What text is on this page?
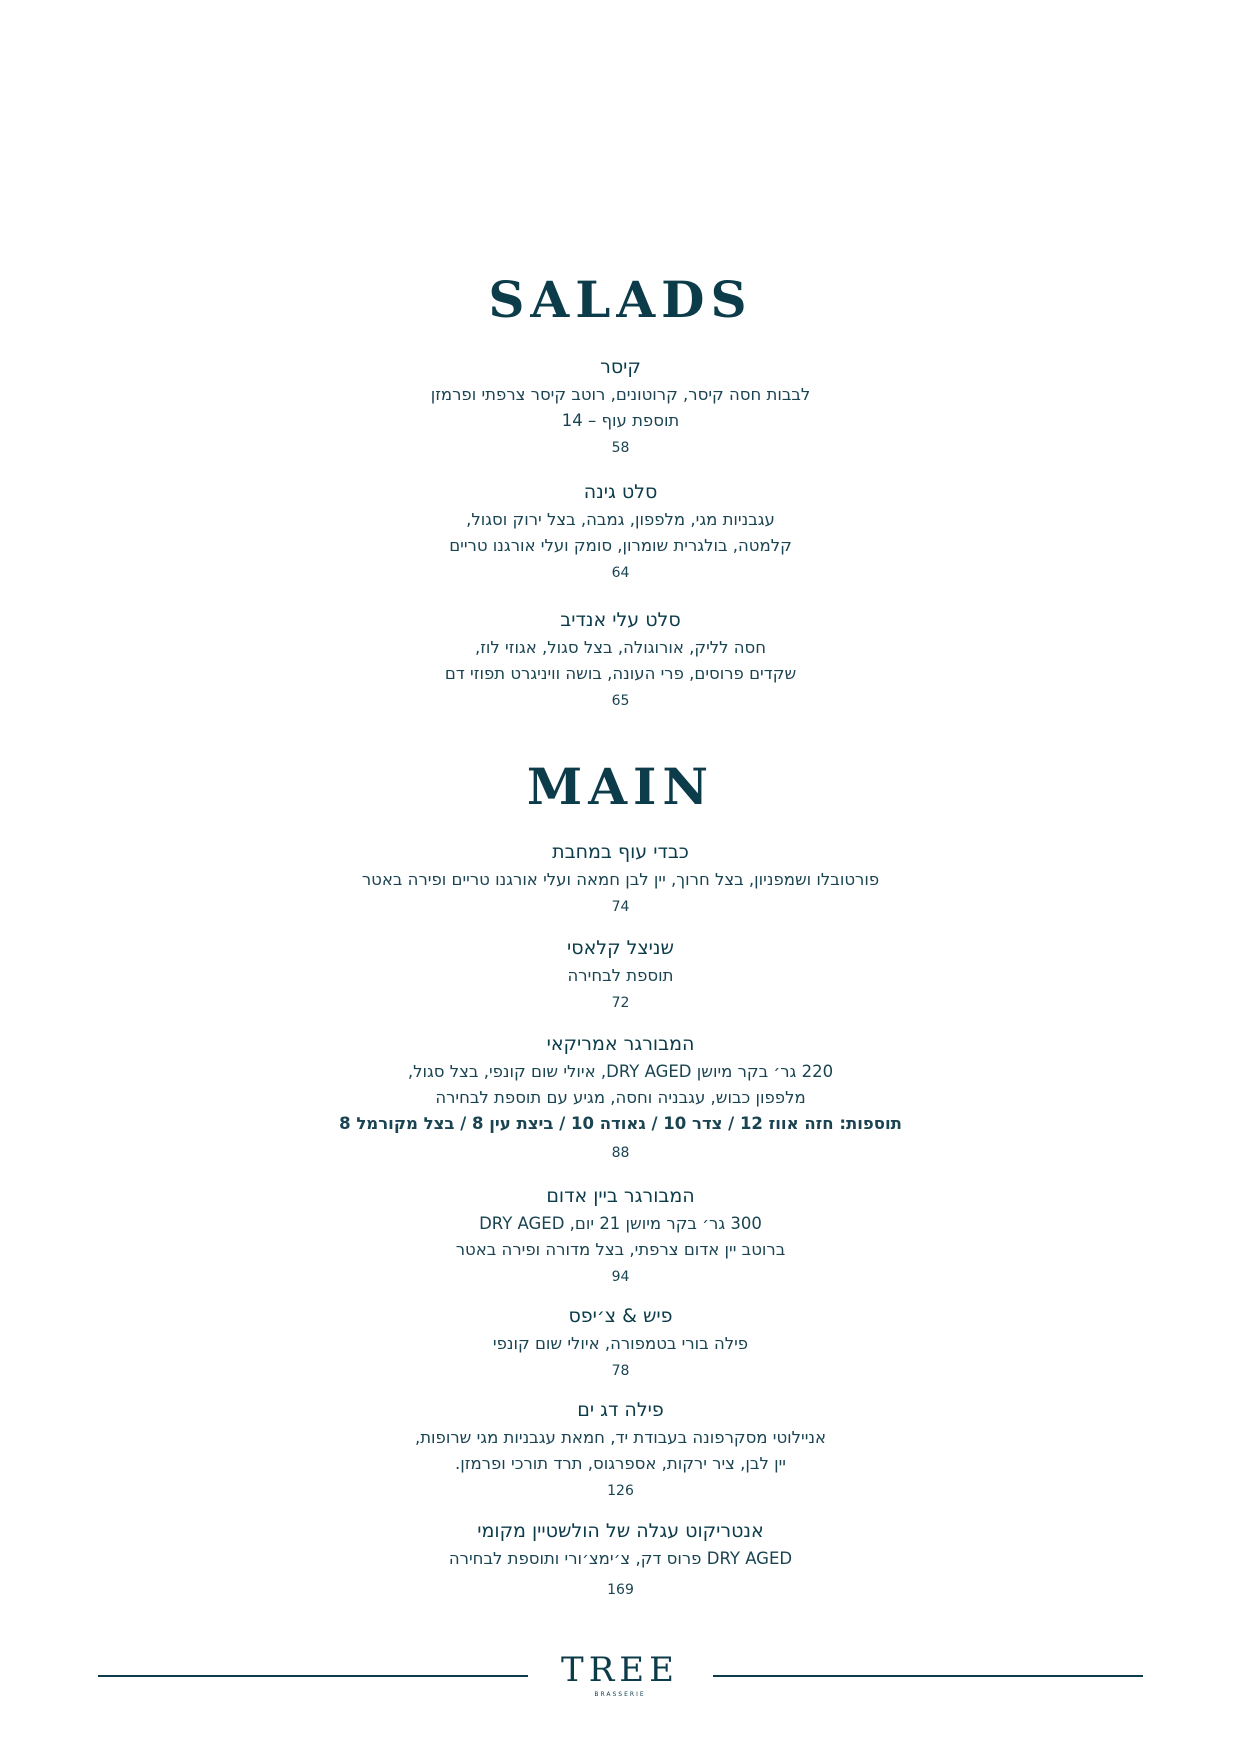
SALADS
קיסר
לבבות חסה קיסר, קרוטונים, רוטב קיסר צרפתי ופרמזן
תוספת עוף – 14
58
סלט גינה
עגבניות מגי, מלפפון, גמבה, בצל ירוק וסגול,
קלמטה, בולגרית שומרון, סומק ועלי אורגנו טריים
64
סלט עלי אנדיב
חסה לליק, אורוגולה, בצל סגול, אגוזי לוז,
שקדים פרוסים, פרי העונה, בושה וויניגרט תפוזי דם
65
MAIN
כבדי עוף במחבת
פורטובלו ושמפניון, בצל חרוך, יין לבן חמאה ועלי אורגנו טריים ופירה באטר
74
שניצל קלאסי
תוספת לבחירה
72
המבורגר אמריקאי
220 גר׳ בקר מיושן DRY AGED, איולי שום קונפי, בצל סגול,
מלפפון כבוש, עגבניה וחסה, מגיע עם תוספת לבחירה
תוספות: חזה אווז 12 / צדר 10 / גאודה 10 / ביצת עין 8 / בצל מקורמל 8
88
המבורגר ביין אדום
300 גר׳ בקר מיושן 21 יום, DRY AGED
ברוטב יין אדום צרפתי, בצל מדורה ופירה באטר
94
פיש & צ׳יפס
פילה בורי בטמפורה, איולי שום קונפי
78
פילה דג ים
אניילוטי מסקרפונה בעבודת יד, חמאת עגבניות מגי שרופות,
יין לבן, ציר ירקות, אספרגוס, תרד תורכי ופרמזן.
126
אנטריקוט עגלה של הולשטיין מקומי
DRY AGED פרוס דק, צ׳ימצ׳ורי ותוספת לבחירה
169
TREE
BRASSERIE
